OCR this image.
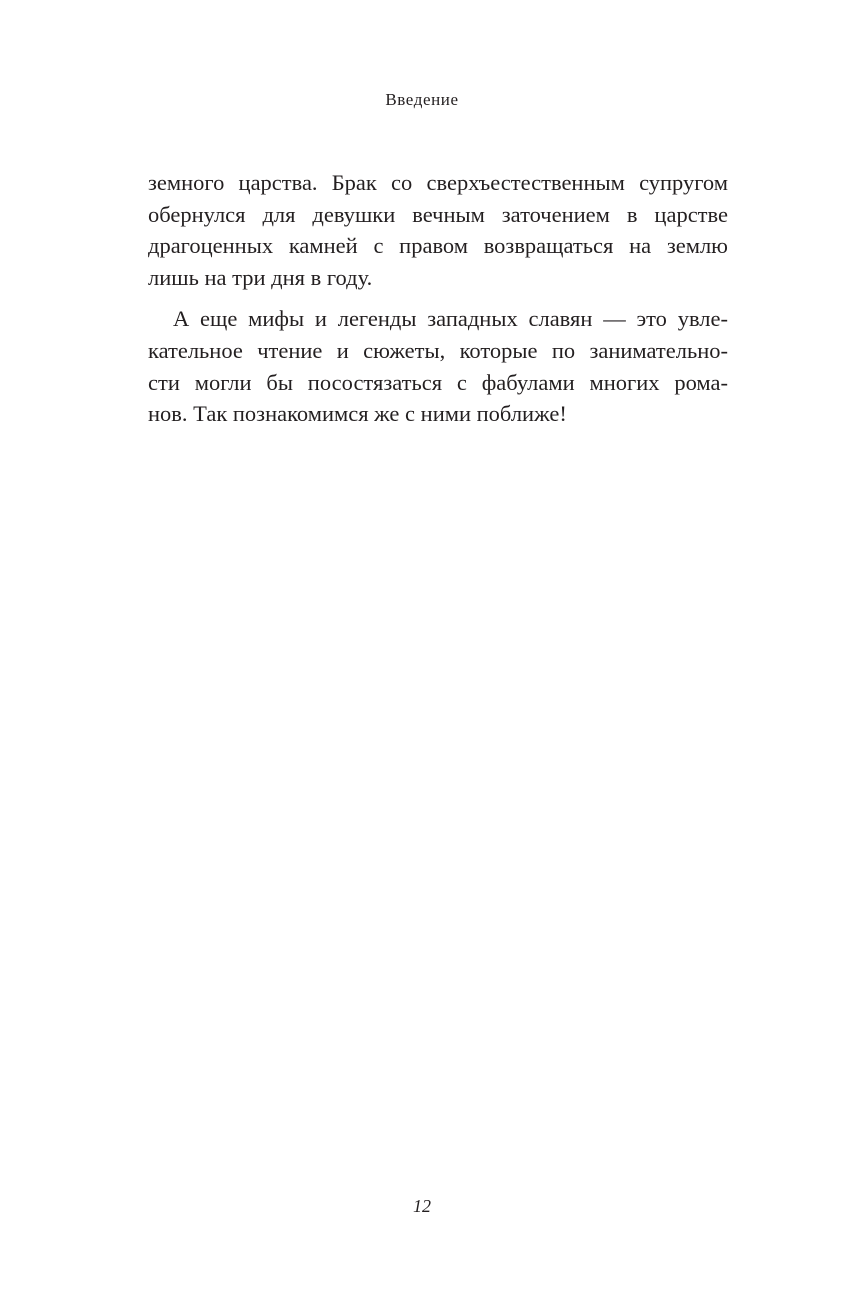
Введение
земного царства. Брак со сверхъестественным супругом
обернулся для девушки вечным заточением в царстве
драгоценных камней с правом возвращаться на землю
лишь на три дня в году.
А еще мифы и легенды западных славян — это увле-
кательное чтение и сюжеты, которые по занимательно-
сти могли бы посостязаться с фабулами многих рома-
нов. Так познакомимся же с ними поближе!
12
